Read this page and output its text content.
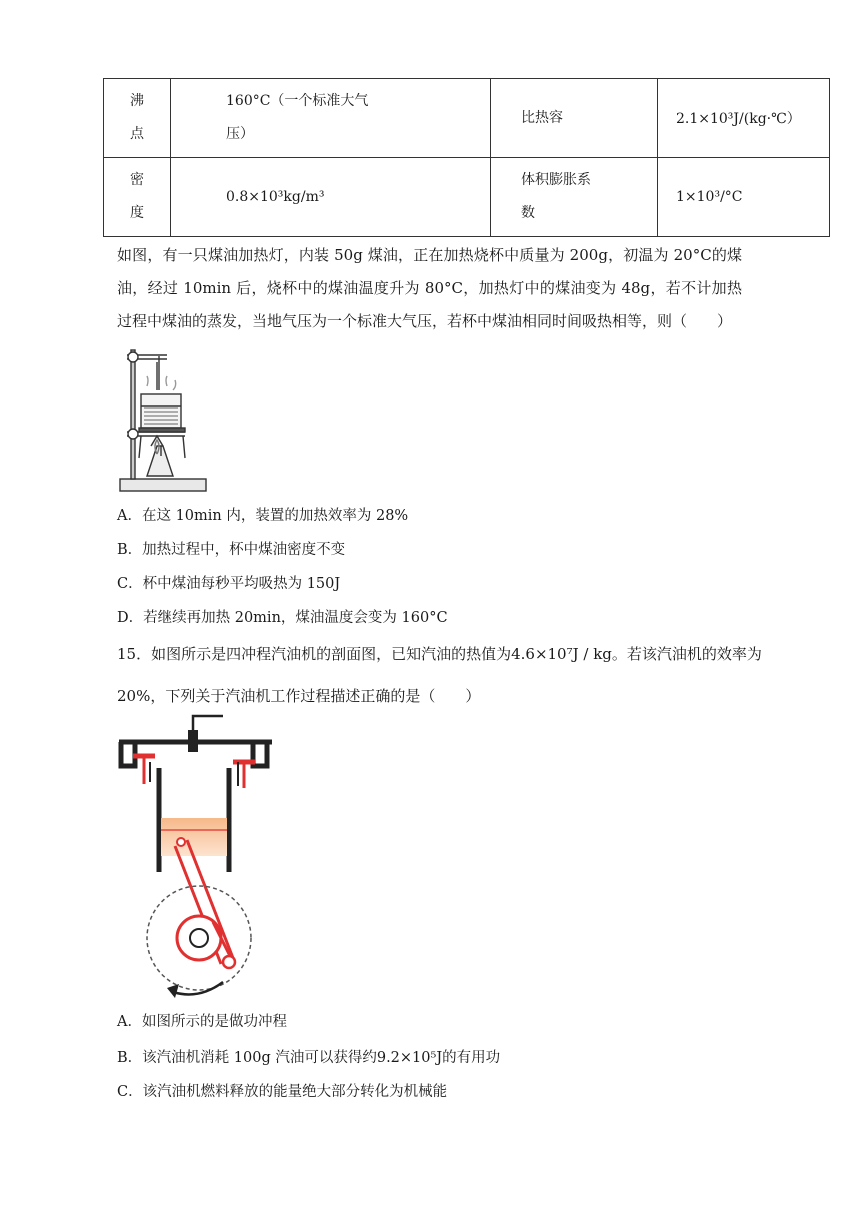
沸点	160°C（一个标准大气压）	比热容	2.1×10³J/(kg·℃）

密度	0.8×10³kg/m³	体积膨胀系数	1×10³/°C
如图，有一只煤油加热灯，内装 50g 煤油，正在加热烧杯中质量为 200g，初温为 20°C的煤油，经过 10min 后，烧杯中的煤油温度升为 80°C，加热灯中的煤油变为 48g，若不计加热过程中煤油的蒸发，当地气压为一个标准大气压，若杯中煤油相同时间吸热相等，则（　　）
A．在这 10min 内，装置的加热效率为 28%
B．加热过程中，杯中煤油密度不变
C．杯中煤油每秒平均吸热为 150J
D．若继续再加热 20min，煤油温度会变为 160°C
15．如图所示是四冲程汽油机的剖面图，已知汽油的热值为4.6×10⁷J / kg。若该汽油机的效率为
20%，下列关于汽油机工作过程描述正确的是（　　）
A．如图所示的是做功冲程
B．该汽油机消耗 100g 汽油可以获得约9.2×10⁵J的有用功
C．该汽油机燃料释放的能量绝大部分转化为机械能
